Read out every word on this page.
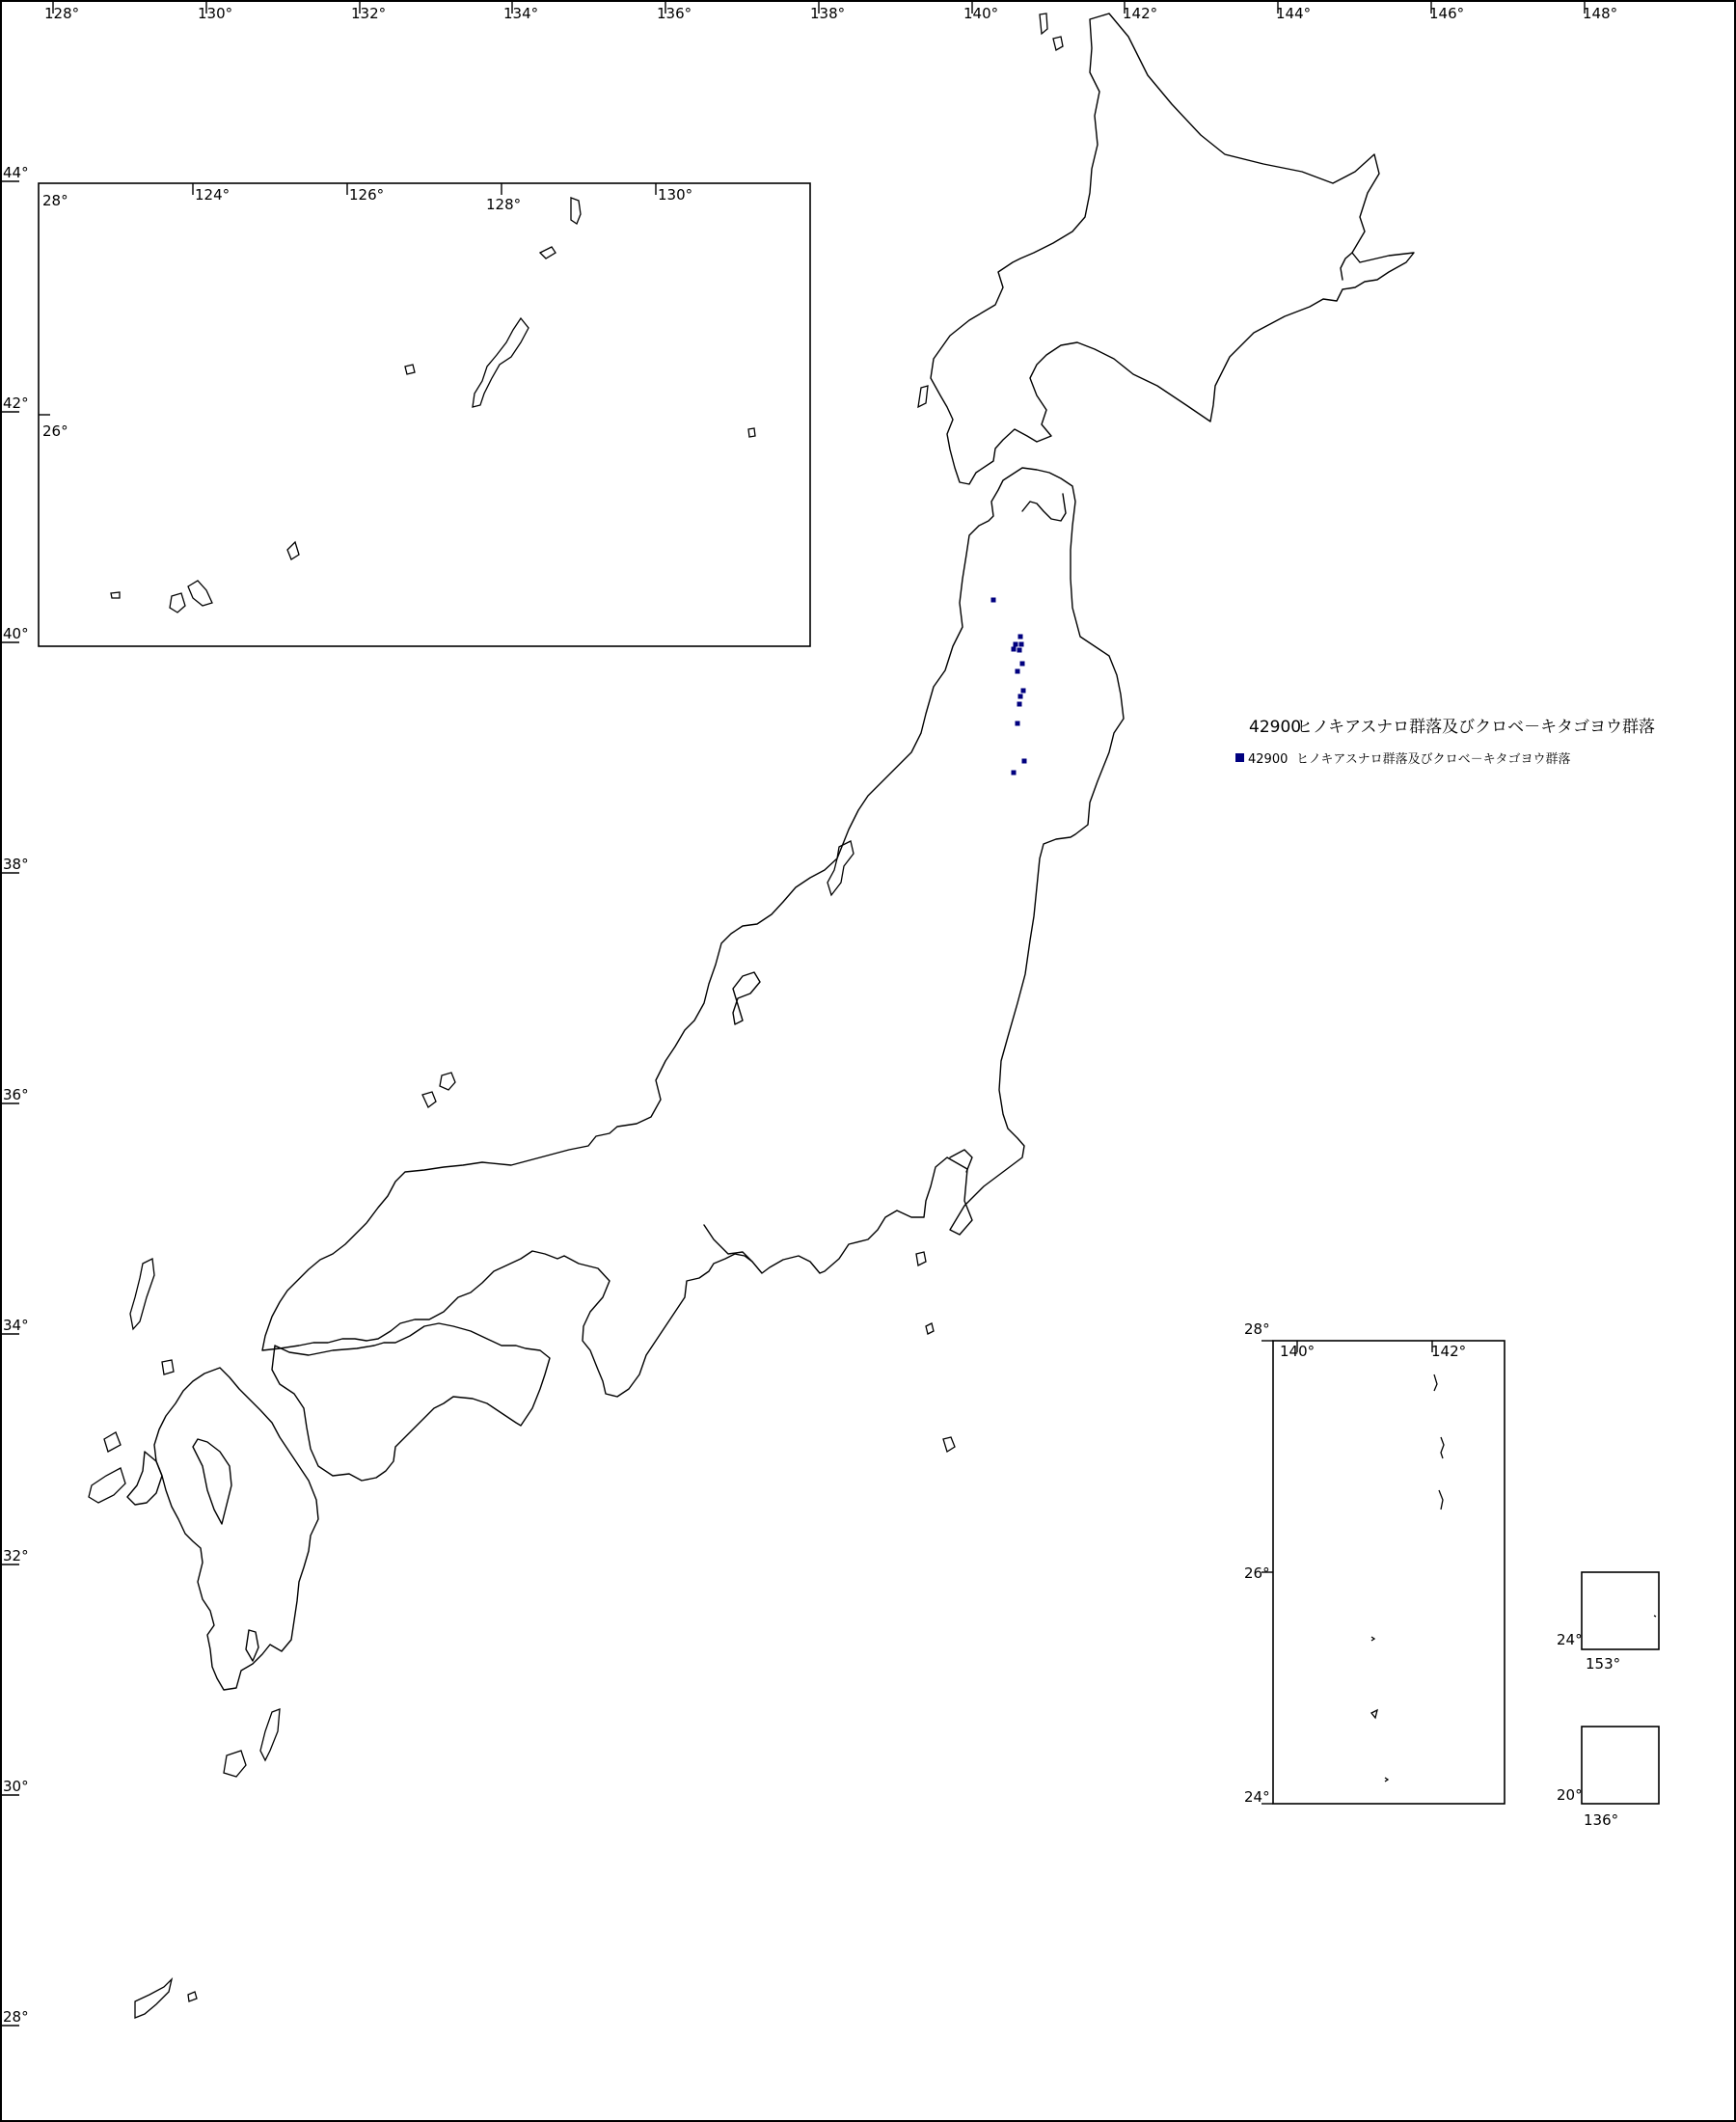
128°	130°	132°	134°	136°	138°	140°	142°	144°	146°	148°
44°
42°
40°
38°
36°
34°
32°
30°
28°
42900
ヒノキアスナロ群落及びクロベ－キタゴヨウ群落
42900 ヒノキアスナロ群落及びクロベ－キタゴヨウ群落
28°	124°	126°
128°
130°
26°
140°	142°
28°
26°
24°
24°
153°
20°
136°
